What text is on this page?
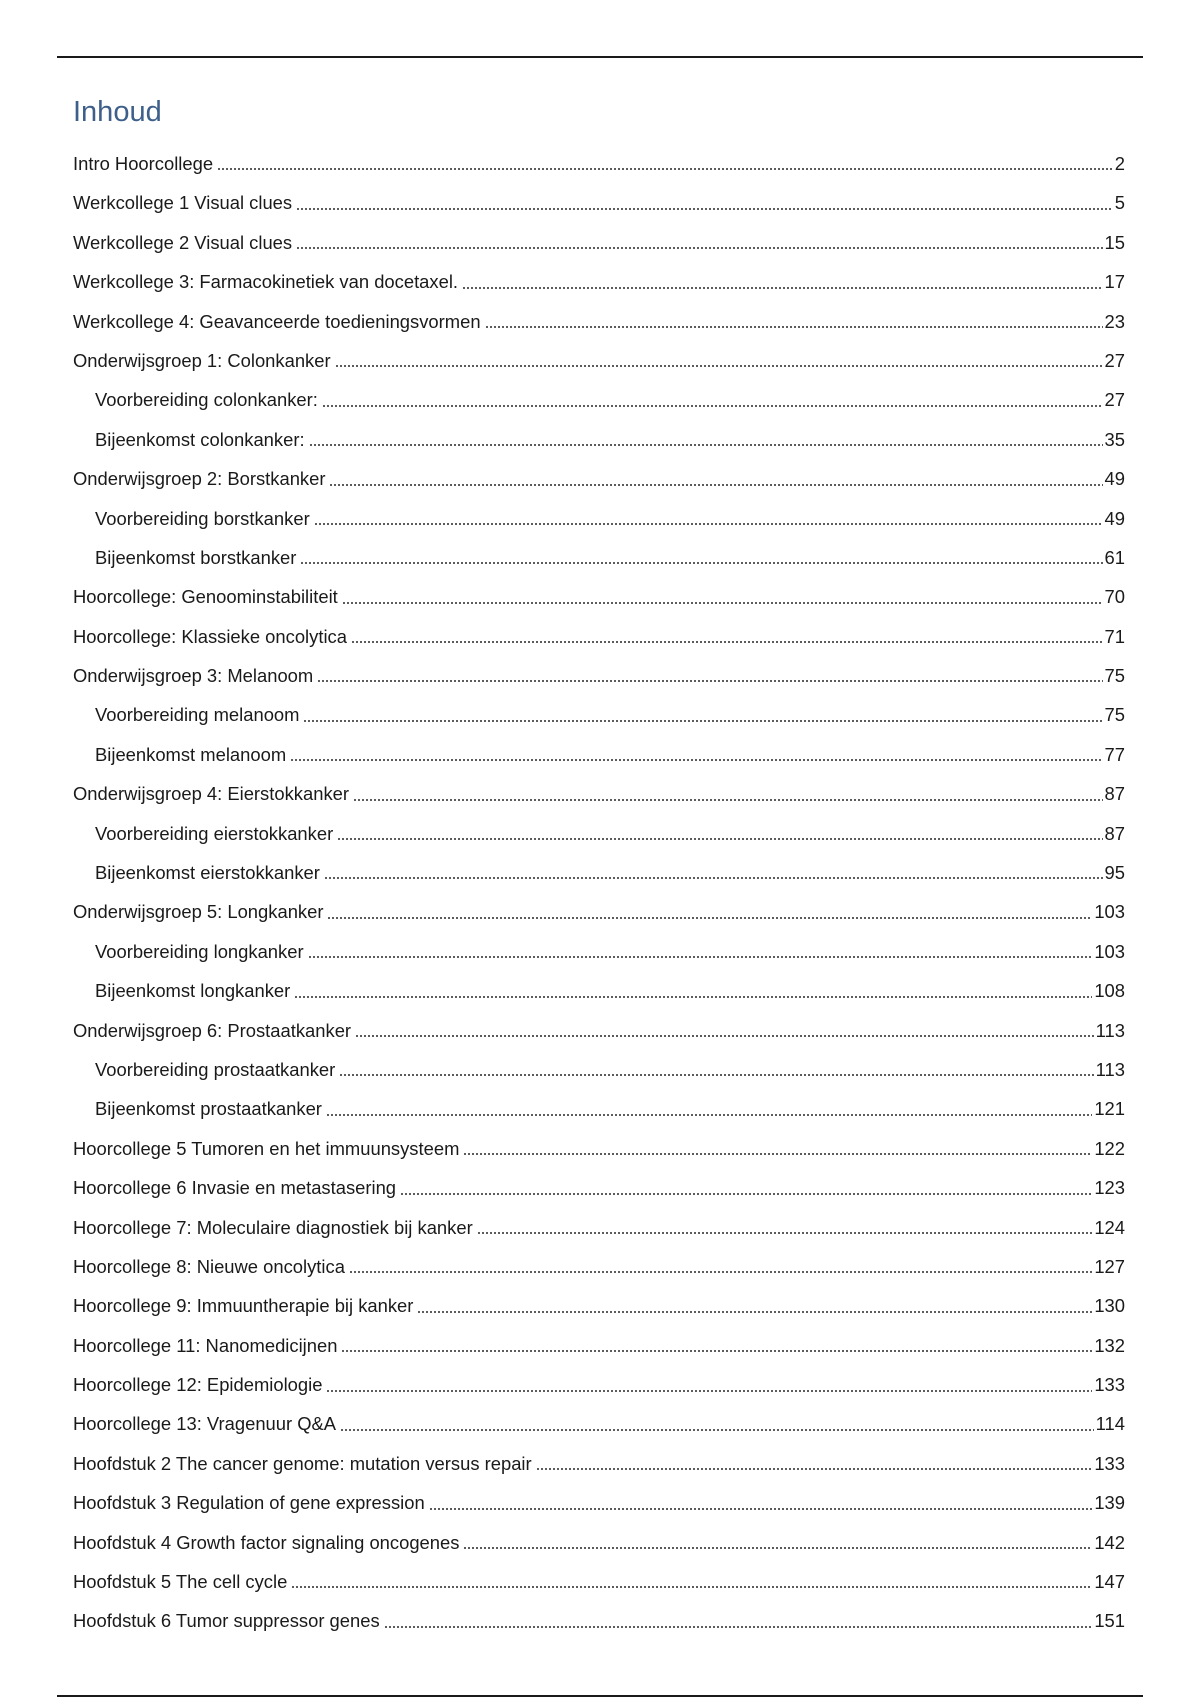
Inhoud
Intro Hoorcollege	2
Werkcollege 1 Visual clues	5
Werkcollege 2 Visual clues	15
Werkcollege 3: Farmacokinetiek van docetaxel.	17
Werkcollege 4: Geavanceerde toedieningsvormen	23
Onderwijsgroep 1: Colonkanker	27
Voorbereiding colonkanker:	27
Bijeenkomst colonkanker:	35
Onderwijsgroep 2: Borstkanker	49
Voorbereiding borstkanker	49
Bijeenkomst borstkanker	61
Hoorcollege: Genoominstabiliteit	70
Hoorcollege: Klassieke oncolytica	71
Onderwijsgroep 3: Melanoom	75
Voorbereiding melanoom	75
Bijeenkomst melanoom	77
Onderwijsgroep 4: Eierstokkanker	87
Voorbereiding eierstokkanker	87
Bijeenkomst eierstokkanker	95
Onderwijsgroep 5: Longkanker	103
Voorbereiding longkanker	103
Bijeenkomst longkanker	108
Onderwijsgroep 6: Prostaatkanker	113
Voorbereiding prostaatkanker	113
Bijeenkomst prostaatkanker	121
Hoorcollege 5 Tumoren en het immuunsysteem	122
Hoorcollege 6 Invasie en metastasering	123
Hoorcollege 7: Moleculaire diagnostiek bij kanker	124
Hoorcollege 8: Nieuwe oncolytica	127
Hoorcollege 9: Immuuntherapie bij kanker	130
Hoorcollege 11: Nanomedicijnen	132
Hoorcollege 12: Epidemiologie	133
Hoorcollege 13: Vragenuur Q&A	114
Hoofdstuk 2 The cancer genome: mutation versus repair	133
Hoofdstuk 3 Regulation of gene expression	139
Hoofdstuk 4 Growth factor signaling oncogenes	142
Hoofdstuk 5 The cell cycle	147
Hoofdstuk 6 Tumor suppressor genes	151
